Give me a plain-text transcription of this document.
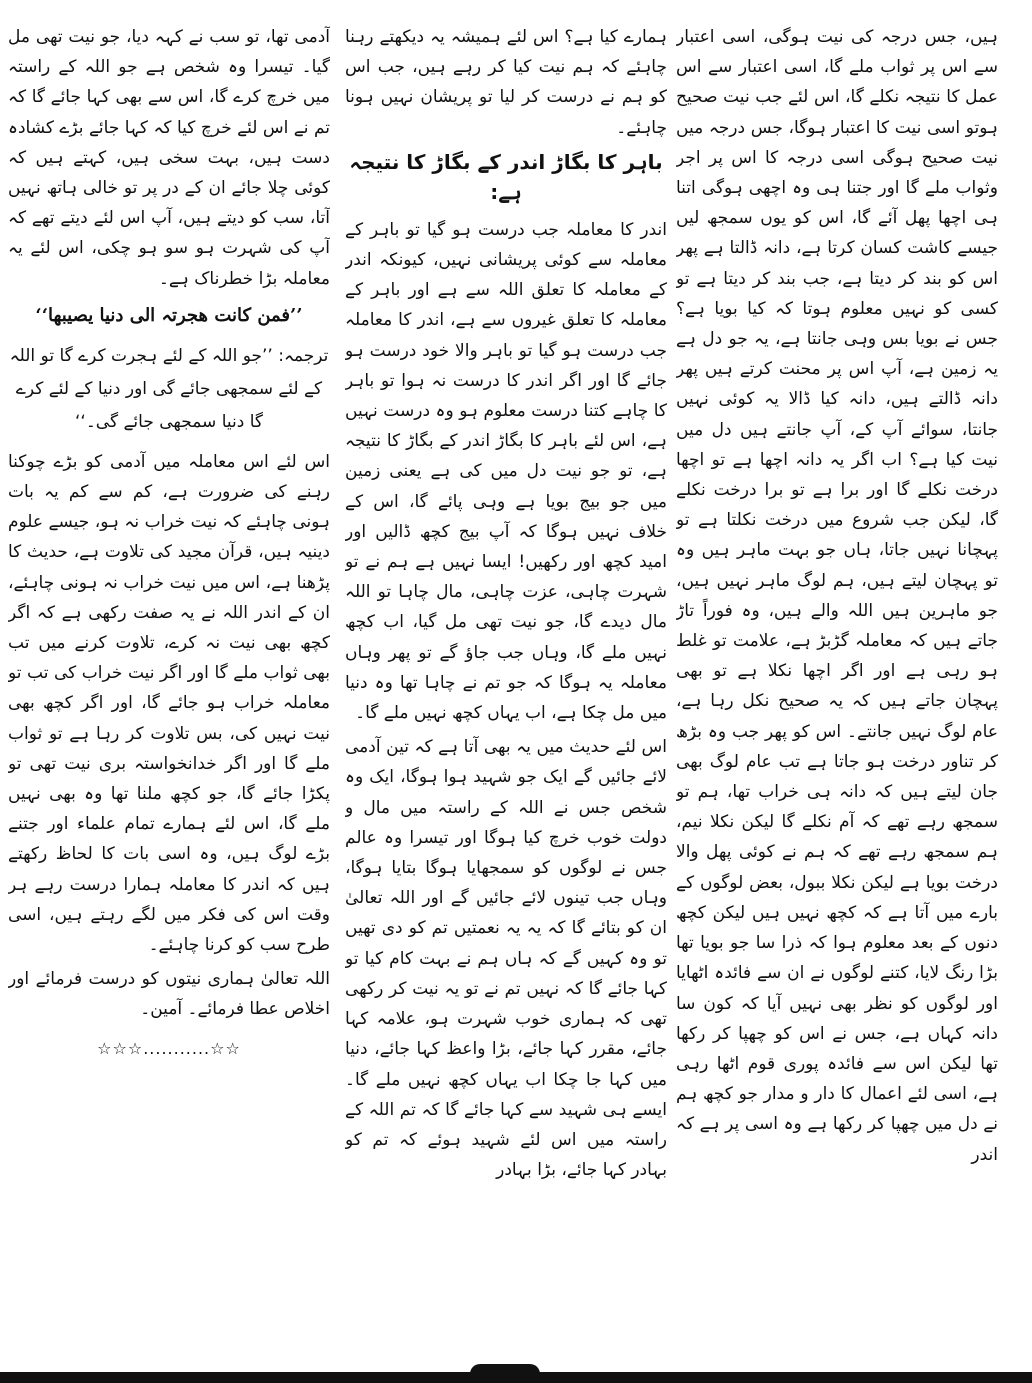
ہیں، جس درجہ کی نیت ہوگی، اسی اعتبار سے اس پر ثواب ملے گا، اسی اعتبار سے اس عمل کا نتیجہ نکلے گا، اس لئے جب نیت صحیح ہوتو اسی نیت کا اعتبار ہوگا، جس درجہ میں نیت صحیح ہوگی اسی درجہ کا اس پر اجر وثواب ملے گا اور جتنا ہی وہ اچھی ہوگی اتنا ہی اچھا پھل آئے گا، اس کو یوں سمجھ لیں جیسے کاشت کسان کرتا ہے، دانہ ڈالتا ہے پھر اس کو بند کر دیتا ہے، جب بند کر دیتا ہے تو کسی کو نہیں معلوم ہوتا کہ کیا بویا ہے؟ جس نے بویا بس وہی جانتا ہے، یہ جو دل ہے یہ زمین ہے، آپ اس پر محنت کرتے ہیں پھر دانہ ڈالتے ہیں، دانہ کیا ڈالا یہ کوئی نہیں جانتا، سوائے آپ کے، آپ جانتے ہیں دل میں نیت کیا ہے؟ اب اگر یہ دانہ اچھا ہے تو اچھا درخت نکلے گا اور برا ہے تو برا درخت نکلے گا، لیکن جب شروع میں درخت نکلتا ہے تو پہچانا نہیں جاتا، ہاں جو بہت ماہر ہیں وہ تو پہچان لیتے ہیں، ہم لوگ ماہر نہیں ہیں، جو ماہرین ہیں اللہ والے ہیں، وہ فوراً تاڑ جاتے ہیں کہ معاملہ گڑبڑ ہے، علامت تو غلط ہو رہی ہے اور اگر اچھا نکلا ہے تو بھی پہچان جاتے ہیں کہ یہ صحیح نکل رہا ہے، عام لوگ نہیں جانتے۔ اس کو پھر جب وہ بڑھ کر تناور درخت ہو جاتا ہے تب عام لوگ بھی جان لیتے ہیں کہ دانہ ہی خراب تھا، ہم تو سمجھ رہے تھے کہ آم نکلے گا لیکن نکلا نیم، ہم سمجھ رہے تھے کہ ہم نے کوئی پھل والا درخت بویا ہے لیکن نکلا ببول، بعض لوگوں کے بارے میں آتا ہے کہ کچھ نہیں ہیں لیکن کچھ دنوں کے بعد معلوم ہوا کہ ذرا سا جو بویا تھا بڑا رنگ لایا، کتنے لوگوں نے ان سے فائدہ اٹھایا اور لوگوں کو نظر بھی نہیں آیا کہ کون سا دانہ کہاں ہے، جس نے اس کو چھپا کر رکھا تھا لیکن اس سے فائدہ پوری قوم اٹھا رہی ہے، اسی لئے اعمال کا دار و مدار جو کچھ ہم نے دل میں چھپا کر رکھا ہے وہ اسی پر ہے کہ اندر

ہمارے کیا ہے؟ اس لئے ہمیشہ یہ دیکھتے رہنا چاہئے کہ ہم نیت کیا کر رہے ہیں، جب اس کو ہم نے درست کر لیا تو پریشان نہیں ہونا چاہئے۔

باہر کا بگاڑ اندر کے بگاڑ کا نتیجہ ہے:

اندر کا معاملہ جب درست ہو گیا تو باہر کے معاملہ سے کوئی پریشانی نہیں، کیونکہ اندر کے معاملہ کا تعلق اللہ سے ہے اور باہر کے معاملہ کا تعلق غیروں سے ہے، اندر کا معاملہ جب درست ہو گیا تو باہر والا خود درست ہو جائے گا اور اگر اندر کا درست نہ ہوا تو باہر کا چاہے کتنا درست معلوم ہو وہ درست نہیں ہے، اس لئے باہر کا بگاڑ اندر کے بگاڑ کا نتیجہ ہے، تو جو نیت دل میں کی ہے یعنی زمین میں جو بیج بویا ہے وہی پائے گا، اس کے خلاف نہیں ہوگا کہ آپ بیج کچھ ڈالیں اور امید کچھ اور رکھیں! ایسا نہیں ہے ہم نے تو شہرت چاہی، عزت چاہی، مال چاہا تو اللہ مال دیدے گا، جو نیت تھی مل گیا، اب کچھ نہیں ملے گا، وہاں جب جاؤ گے تو پھر وہاں معاملہ یہ ہوگا کہ جو تم نے چاہا تھا وہ دنیا میں مل چکا ہے، اب یہاں کچھ نہیں ملے گا۔

اس لئے حدیث میں یہ بھی آتا ہے کہ تین آدمی لائے جائیں گے ایک جو شہید ہوا ہوگا، ایک وہ شخص جس نے اللہ کے راستہ میں مال و دولت خوب خرچ کیا ہوگا اور تیسرا وہ عالم جس نے لوگوں کو سمجھایا ہوگا بتایا ہوگا، وہاں جب تینوں لائے جائیں گے اور اللہ تعالیٰ ان کو بتائے گا کہ یہ یہ نعمتیں تم کو دی تھیں تو وہ کہیں گے کہ ہاں ہم نے بہت کام کیا تو کہا جائے گا کہ نہیں تم نے تو یہ نیت کر رکھی تھی کہ ہماری خوب شہرت ہو، علامہ کہا جائے، مقرر کہا جائے، بڑا واعظ کہا جائے، دنیا میں کہا جا چکا اب یہاں کچھ نہیں ملے گا۔ ایسے ہی شہید سے کہا جائے گا کہ تم اللہ کے راستہ میں اس لئے شہید ہوئے کہ تم کو بہادر کہا جائے، بڑا بہادر

آدمی تھا، تو سب نے کہہ دیا، جو نیت تھی مل گیا۔ تیسرا وہ شخص ہے جو اللہ کے راستہ میں خرچ کرے گا، اس سے بھی کہا جائے گا کہ تم نے اس لئے خرچ کیا کہ کہا جائے بڑے کشادہ دست ہیں، بہت سخی ہیں، کہتے ہیں کہ کوئی چلا جائے ان کے در پر تو خالی ہاتھ نہیں آتا، سب کو دیتے ہیں، آپ اس لئے دیتے تھے کہ آپ کی شہرت ہو سو ہو چکی، اس لئے یہ معاملہ بڑا خطرناک ہے۔

’’فمن کانت ھجرتہ الی دنیا یصیبھا‘‘
ترجمہ: ’’جو اللہ کے لئے ہجرت کرے گا تو اللہ کے لئے سمجھی جائے گی اور دنیا کے لئے کرے گا دنیا سمجھی جائے گی۔‘‘

اس لئے اس معاملہ میں آدمی کو بڑے چوکنا رہنے کی ضرورت ہے، کم سے کم یہ بات ہونی چاہئے کہ نیت خراب نہ ہو، جیسے علوم دینیہ ہیں، قرآن مجید کی تلاوت ہے، حدیث کا پڑھنا ہے، اس میں نیت خراب نہ ہونی چاہئے، ان کے اندر اللہ نے یہ صفت رکھی ہے کہ اگر کچھ بھی نیت نہ کرے، تلاوت کرنے میں تب بھی ثواب ملے گا اور اگر نیت خراب کی تب تو معاملہ خراب ہو جائے گا، اور اگر کچھ بھی نیت نہیں کی، بس تلاوت کر رہا ہے تو ثواب ملے گا اور اگر خدانخواستہ بری نیت تھی تو پکڑا جائے گا، جو کچھ ملنا تھا وہ بھی نہیں ملے گا، اس لئے ہمارے تمام علماء اور جتنے بڑے لوگ ہیں، وہ اسی بات کا لحاظ رکھتے ہیں کہ اندر کا معاملہ ہمارا درست رہے ہر وقت اس کی فکر میں لگے رہتے ہیں، اسی طرح سب کو کرنا چاہئے۔

اللہ تعالیٰ ہماری نیتوں کو درست فرمائے اور اخلاص عطا فرمائے۔ آمین۔

☆☆...........☆☆☆
